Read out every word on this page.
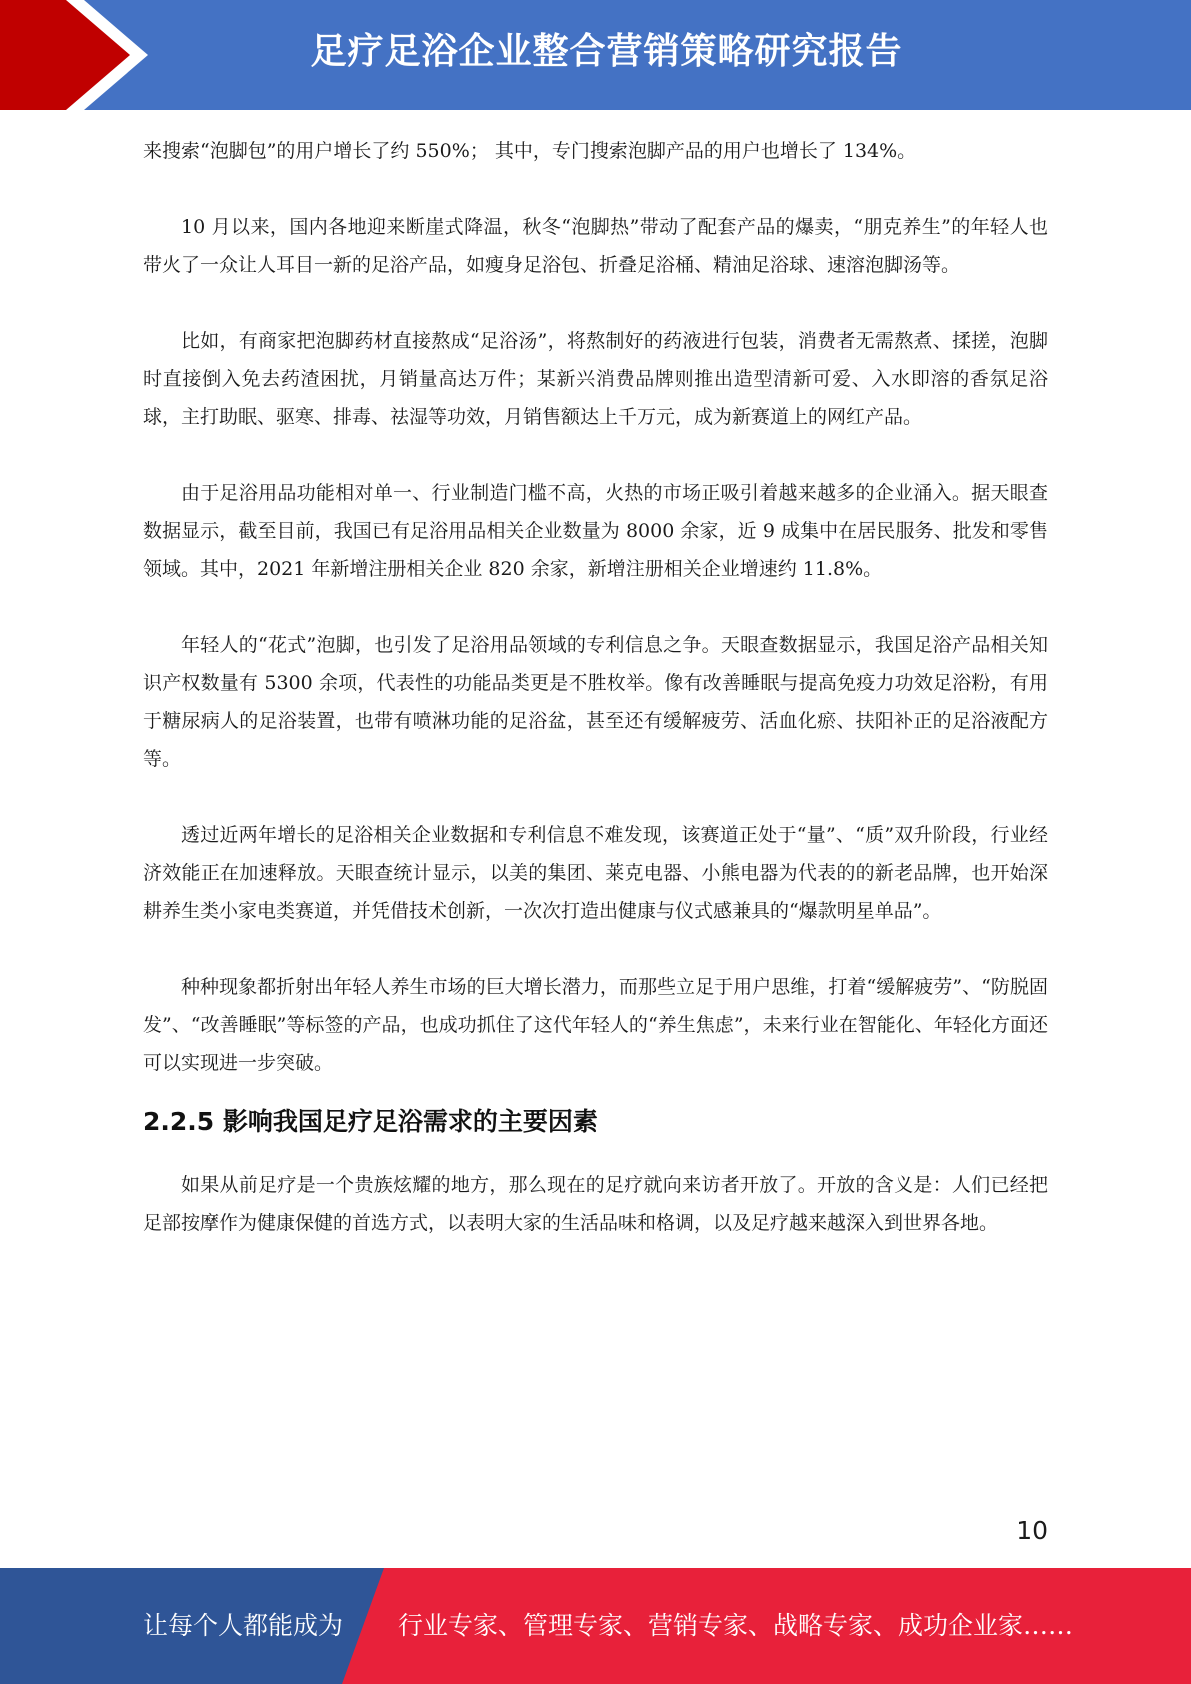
足疗足浴企业整合营销策略研究报告

来搜索“泡脚包”的用户增长了约 550%； 其中，专门搜索泡脚产品的用户也增长了 134%。

10 月以来，国内各地迎来断崖式降温，秋冬“泡脚热”带动了配套产品的爆卖，“朋克养生”的年轻人也带火了一众让人耳目一新的足浴产品，如瘦身足浴包、折叠足浴桶、精油足浴球、速溶泡脚汤等。

比如，有商家把泡脚药材直接熬成“足浴汤”，将熬制好的药液进行包装，消费者无需熬煮、揉搓，泡脚时直接倒入免去药渣困扰，月销量高达万件；某新兴消费品牌则推出造型清新可爱、入水即溶的香氛足浴球，主打助眠、驱寒、排毒、祛湿等功效，月销售额达上千万元，成为新赛道上的网红产品。

由于足浴用品功能相对单一、行业制造门槛不高，火热的市场正吸引着越来越多的企业涌入。据天眼查数据显示，截至目前，我国已有足浴用品相关企业数量为 8000 余家，近 9 成集中在居民服务、批发和零售领域。其中，2021 年新增注册相关企业 820 余家，新增注册相关企业增速约 11.8%。

年轻人的“花式”泡脚，也引发了足浴用品领域的专利信息之争。天眼查数据显示，我国足浴产品相关知识产权数量有 5300 余项，代表性的功能品类更是不胜枚举。像有改善睡眠与提高免疫力功效足浴粉，有用于糖尿病人的足浴装置，也带有喷淋功能的足浴盆，甚至还有缓解疲劳、活血化瘀、扶阳补正的足浴液配方等。

透过近两年增长的足浴相关企业数据和专利信息不难发现，该赛道正处于“量”、“质”双升阶段，行业经济效能正在加速释放。天眼查统计显示，以美的集团、莱克电器、小熊电器为代表的的新老品牌，也开始深耕养生类小家电类赛道，并凭借技术创新，一次次打造出健康与仪式感兼具的“爆款明星单品”。

种种现象都折射出年轻人养生市场的巨大增长潜力，而那些立足于用户思维，打着“缓解疲劳”、“防脱固发”、“改善睡眠”等标签的产品，也成功抓住了这代年轻人的“养生焦虑”，未来行业在智能化、年轻化方面还可以实现进一步突破。

2.2.5 影响我国足疗足浴需求的主要因素

如果从前足疗是一个贵族炫耀的地方，那么现在的足疗就向来访者开放了。开放的含义是：人们已经把足部按摩作为健康保健的首选方式，以表明大家的生活品味和格调，以及足疗越来越深入到世界各地。

10

让每个人都能成为 行业专家、管理专家、营销专家、战略专家、成功企业家……
